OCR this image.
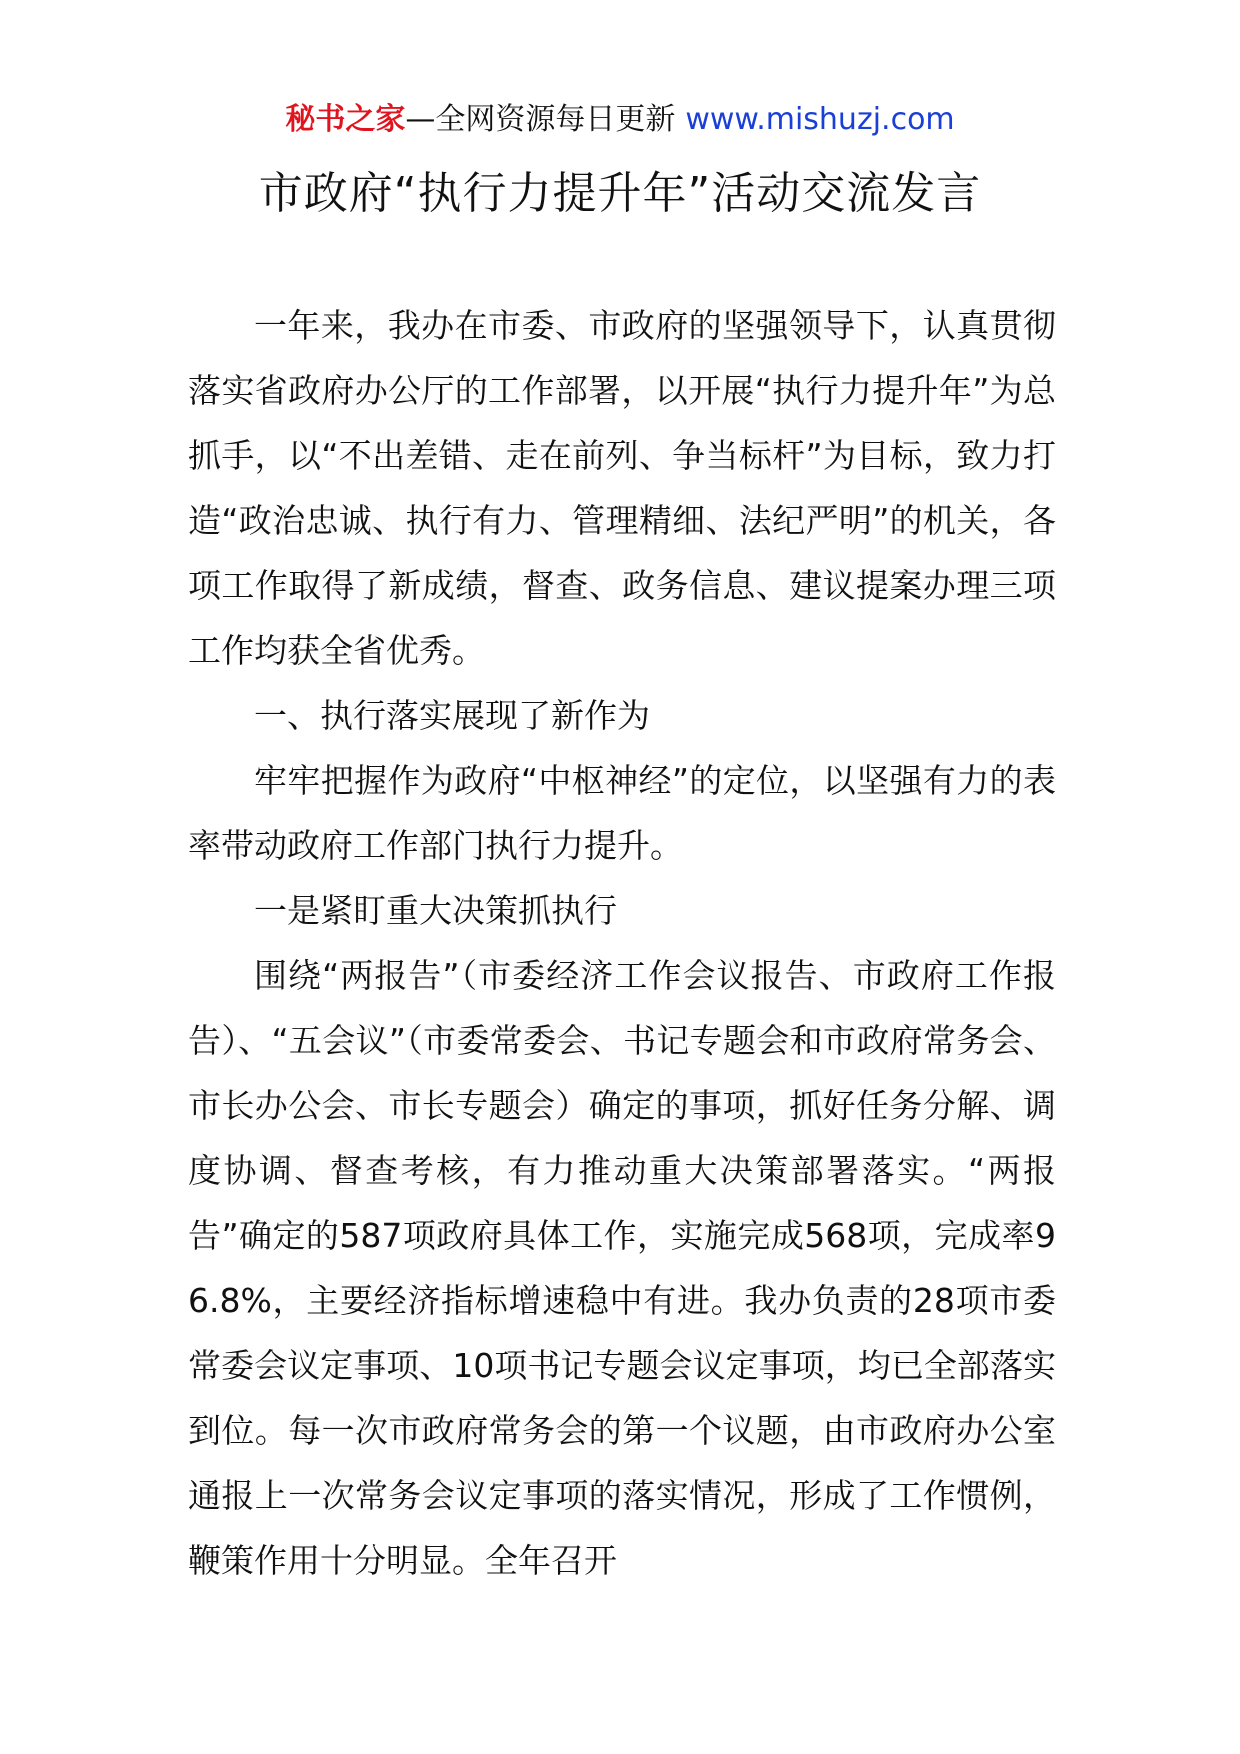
秘书之家—全网资源每日更新 www.mishuzj.com
市政府“执行力提升年”活动交流发言

一年来，我办在市委、市政府的坚强领导下，认真贯彻落实省政府办公厅的工作部署，以开展“执行力提升年”为总抓手，以“不出差错、走在前列、争当标杆”为目标，致力打造“政治忠诚、执行有力、管理精细、法纪严明”的机关，各项工作取得了新成绩，督查、政务信息、建议提案办理三项工作均获全省优秀。

一、执行落实展现了新作为

牢牢把握作为政府“中枢神经”的定位，以坚强有力的表率带动政府工作部门执行力提升。

一是紧盯重大决策抓执行

围绕“两报告”（市委经济工作会议报告、市政府工作报告）、“五会议”（市委常委会、书记专题会和市政府常务会、市长办公会、市长专题会）确定的事项，抓好任务分解、调度协调、督查考核，有力推动重大决策部署落实。“两报告”确定的587项政府具体工作，实施完成568项，完成率96.8%，主要经济指标增速稳中有进。我办负责的28项市委常委会议定事项、10项书记专题会议定事项，均已全部落实到位。每一次市政府常务会的第一个议题，由市政府办公室通报上一次常务会议定事项的落实情况，形成了工作惯例，鞭策作用十分明显。全年召开
